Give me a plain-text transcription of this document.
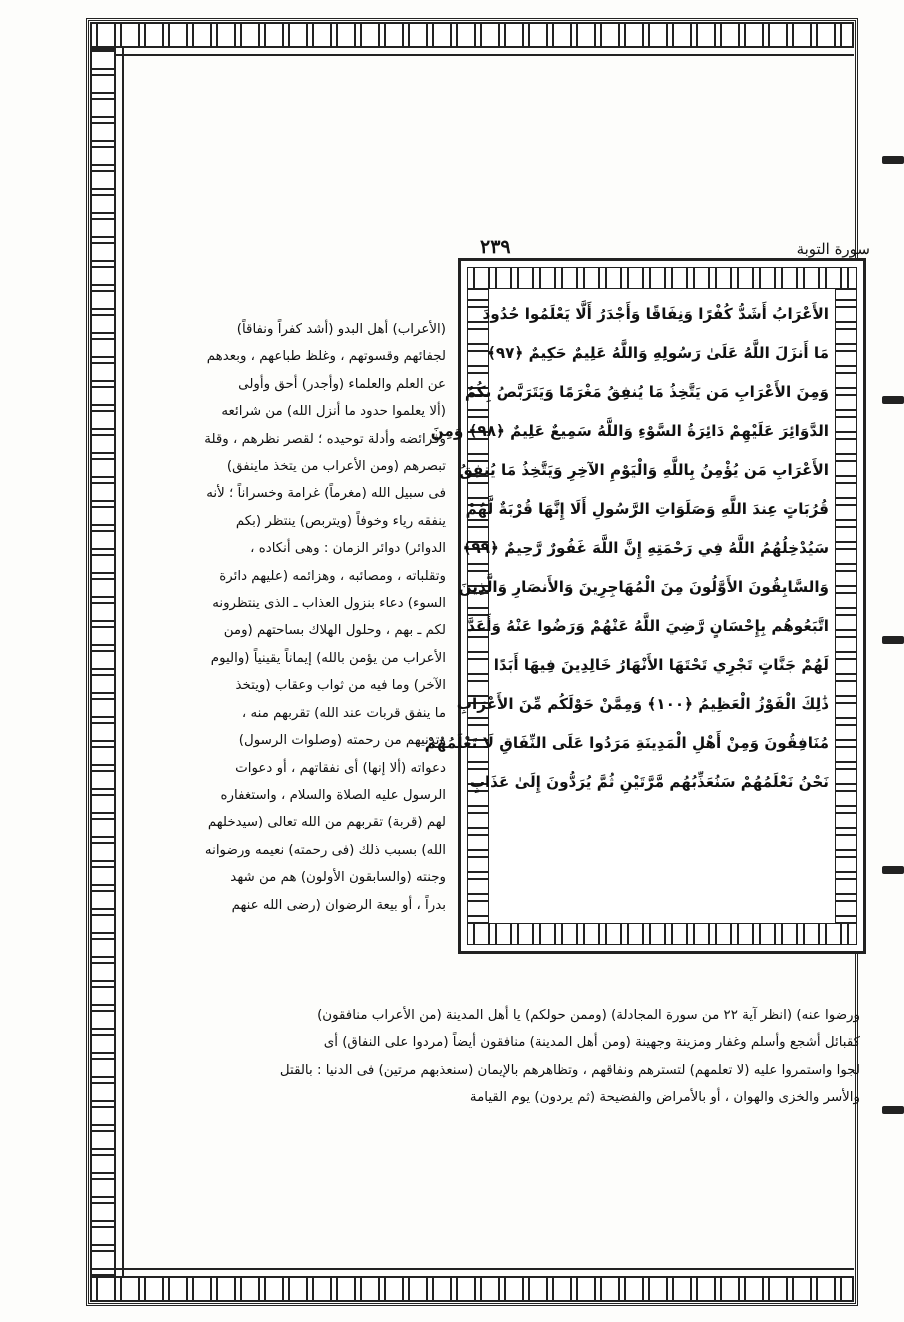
٢٣٩	سورة التوبة
الأَعْرَابُ أَشَدُّ كُفْرًا وَنِفَاقًا وَأَجْدَرُ أَلَّا يَعْلَمُوا حُدُودَ
مَا أَنزَلَ اللَّهُ عَلَىٰ رَسُولِهِ وَاللَّهُ عَلِيمٌ حَكِيمٌ ﴿٩٧﴾
وَمِنَ الأَعْرَابِ مَن يَتَّخِذُ مَا يُنفِقُ مَغْرَمًا وَيَتَرَبَّصُ بِكُمُ
الدَّوَائِرَ عَلَيْهِمْ دَائِرَةُ السَّوْءِ وَاللَّهُ سَمِيعٌ عَلِيمٌ ﴿٩٨﴾ وَمِنَ
الأَعْرَابِ مَن يُؤْمِنُ بِاللَّهِ وَالْيَوْمِ الآخِرِ وَيَتَّخِذُ مَا يُنفِقُ
قُرُبَاتٍ عِندَ اللَّهِ وَصَلَوَاتِ الرَّسُولِ أَلَا إِنَّهَا قُرْبَةٌ لَّهُمْ
سَيُدْخِلُهُمُ اللَّهُ فِي رَحْمَتِهِ إِنَّ اللَّهَ غَفُورٌ رَّحِيمٌ ﴿٩٩﴾
وَالسَّابِقُونَ الأَوَّلُونَ مِنَ الْمُهَاجِرِينَ وَالأَنصَارِ وَالَّذِينَ
اتَّبَعُوهُم بِإِحْسَانٍ رَّضِيَ اللَّهُ عَنْهُمْ وَرَضُوا عَنْهُ وَأَعَدَّ
لَهُمْ جَنَّاتٍ تَجْرِي تَحْتَهَا الأَنْهَارُ خَالِدِينَ فِيهَا أَبَدًا
ذَٰلِكَ الْفَوْزُ الْعَظِيمُ ﴿١٠٠﴾ وَمِمَّنْ حَوْلَكُم مِّنَ الأَعْرَابِ
مُنَافِقُونَ وَمِنْ أَهْلِ الْمَدِينَةِ مَرَدُوا عَلَى النِّفَاقِ لَا تَعْلَمُهُمْ
نَحْنُ نَعْلَمُهُمْ سَنُعَذِّبُهُم مَّرَّتَيْنِ ثُمَّ يُرَدُّونَ إِلَىٰ عَذَابٍ
(الأعراب) أهل البدو (أشد كفراً ونفاقاً)
لجفائهم وقسوتهم ، وغلظ طباعهم ، وبعدهم
عن العلم والعلماء (وأجدر) أحق وأولى
(ألا يعلموا حدود ما أنزل الله) من شرائعه
وفرائضه وأدلة توحيده ؛ لقصر نظرهم ، وقلة
تبصرهم (ومن الأعراب من يتخذ ماينفق)
فى سبيل الله (مغرماً) غرامة وخسراناً ؛ لأنه
ينفقه رياء وخوفاً (ويتربص) ينتظر (بكم
الدوائر) دوائر الزمان : وهى أنكاده ،
وتقلباته ، ومصائبه ، وهزائمه (عليهم دائرة
السوء) دعاء بنزول العذاب ـ الذى ينتظرونه
لكم ـ بهم ، وحلول الهلاك بساحتهم (ومن
الأعراب من يؤمن بالله) إيماناً يقينياً (واليوم
الآخر) وما فيه من ثواب وعقاب (ويتخذ
ما ينفق قربات عند الله) تقربهم منه ،
وتدنيهم من رحمته (وصلوات الرسول)
دعواته (ألا إنها) أى نفقاتهم ، أو دعوات
الرسول عليه الصلاة والسلام ، واستغفاره
لهم (قربة) تقربهم من الله تعالى (سيدخلهم
الله) بسبب ذلك (فى رحمته) نعيمه ورضوانه
وجنته (والسابقون الأولون) هم من شهد
بدراً ، أو بيعة الرضوان (رضى الله عنهم
ورضوا عنه) (انظر آية ٢٢ من سورة المجادلة) (وممن حولكم) يا أهل المدينة (من الأعراب منافقون)
كقبائل أشجع وأسلم وغفار ومزينة وجهينة (ومن أهل المدينة) منافقون أيضاً (مردوا على النفاق) أى
لجوا واستمروا عليه (لا تعلمهم) لتسترهم ونفاقهم ، وتظاهرهم بالإيمان (سنعذبهم مرتين) فى الدنيا : بالقتل
والأسر والخزى والهوان ، أو بالأمراض والفضيحة (ثم يردون) يوم القيامة
